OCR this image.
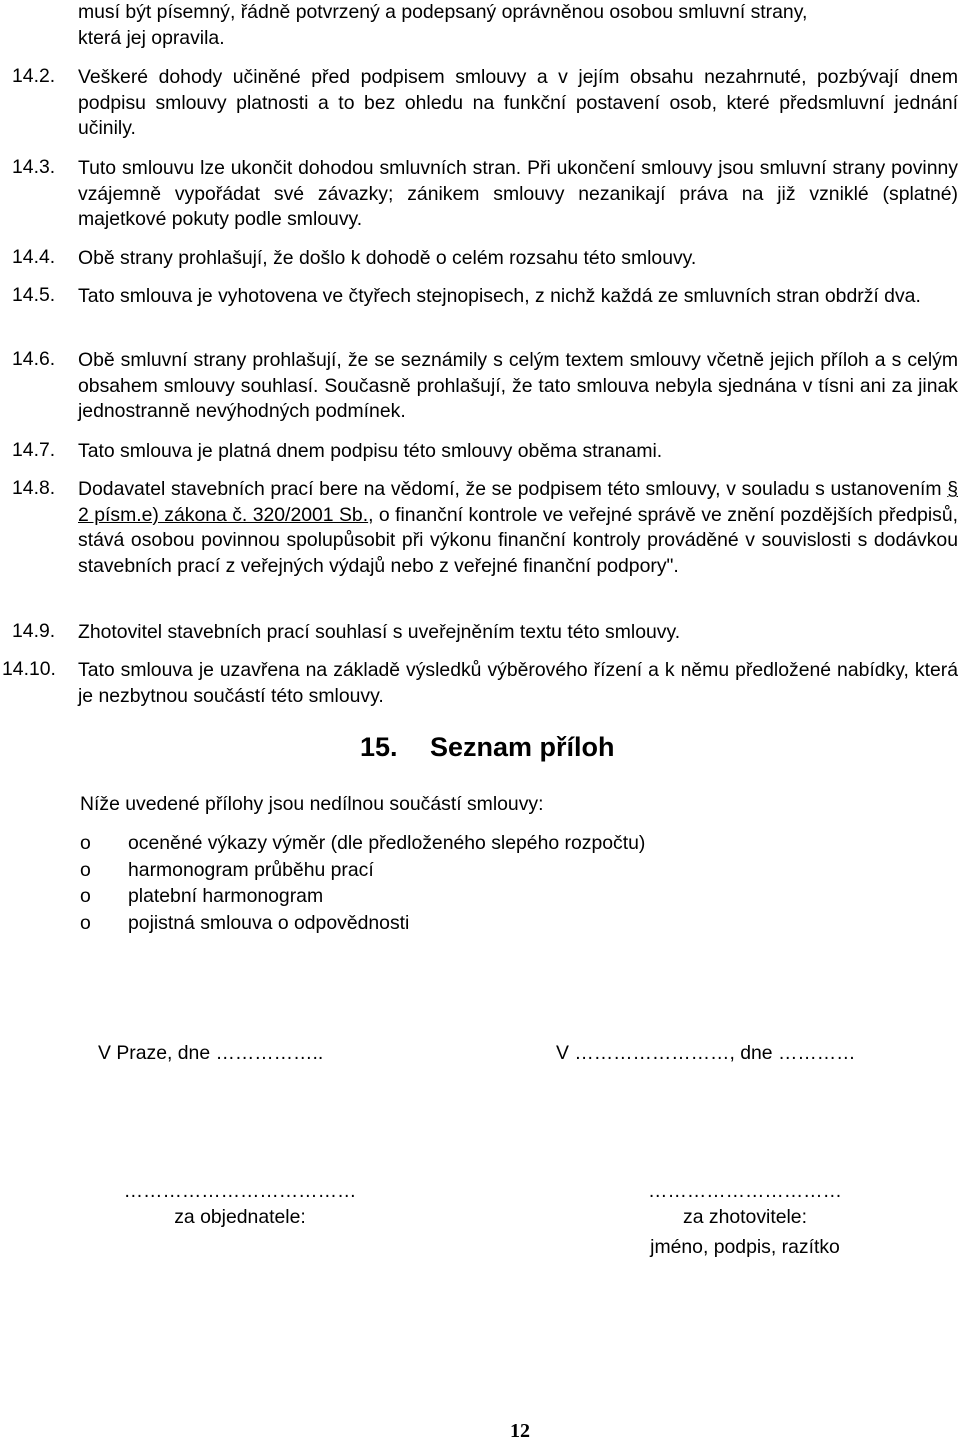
musí být písemný, řádně potvrzený a podepsaný oprávněnou osobou smluvní strany,
která jej opravila.

14.2.	Veškeré dohody učiněné před podpisem smlouvy a v jejím obsahu nezahrnuté, pozbývají dnem podpisu smlouvy platnosti a to bez ohledu na funkční postavení osob, které předsmluvní jednání učinily.

14.3.	Tuto smlouvu lze ukončit dohodou smluvních stran. Při ukončení smlouvy jsou smluvní strany povinny vzájemně vypořádat své závazky; zánikem smlouvy nezanikají práva na již vzniklé (splatné) majetkové pokuty podle smlouvy.

14.4.	Obě strany prohlašují, že došlo k dohodě o celém rozsahu této smlouvy.

14.5.	Tato smlouva je vyhotovena ve čtyřech stejnopisech, z nichž každá ze smluvních stran obdrží dva.

14.6.	Obě smluvní strany prohlašují, že se seznámily s celým textem smlouvy včetně jejich příloh a s celým obsahem smlouvy souhlasí. Současně prohlašují, že tato smlouva nebyla sjednána v tísni ani za jinak jednostranně nevýhodných podmínek.

14.7.	Tato smlouva je platná dnem podpisu této smlouvy oběma stranami.

14.8.	Dodavatel stavebních prací bere na vědomí, že se podpisem této smlouvy, v souladu s ustanovením § 2 písm.e) zákona č. 320/2001 Sb., o finanční kontrole ve veřejné správě ve znění pozdějších předpisů, stává osobou povinnou spolupůsobit při výkonu finanční kontroly prováděné v souvislosti s dodávkou stavebních prací z veřejných výdajů nebo z veřejné finanční podpory".

14.9.	Zhotovitel stavebních prací souhlasí s uveřejněním textu této smlouvy.

14.10.	Tato smlouva je uzavřena na základě výsledků výběrového řízení a k němu předložené nabídky, která je nezbytnou součástí této smlouvy.

15. Seznam příloh

Níže uvedené přílohy jsou nedílnou součástí smlouvy:

o oceněné výkazy výměr (dle předloženého slepého rozpočtu)
o harmonogram průběhu prací
o platební harmonogram
o pojistná smlouva o odpovědnosti
V Praze, dne ……………..	V ……………………, dne …………
………………………………
za objednatele:
…………………………
za zhotovitele:
jméno, podpis, razítko
12
